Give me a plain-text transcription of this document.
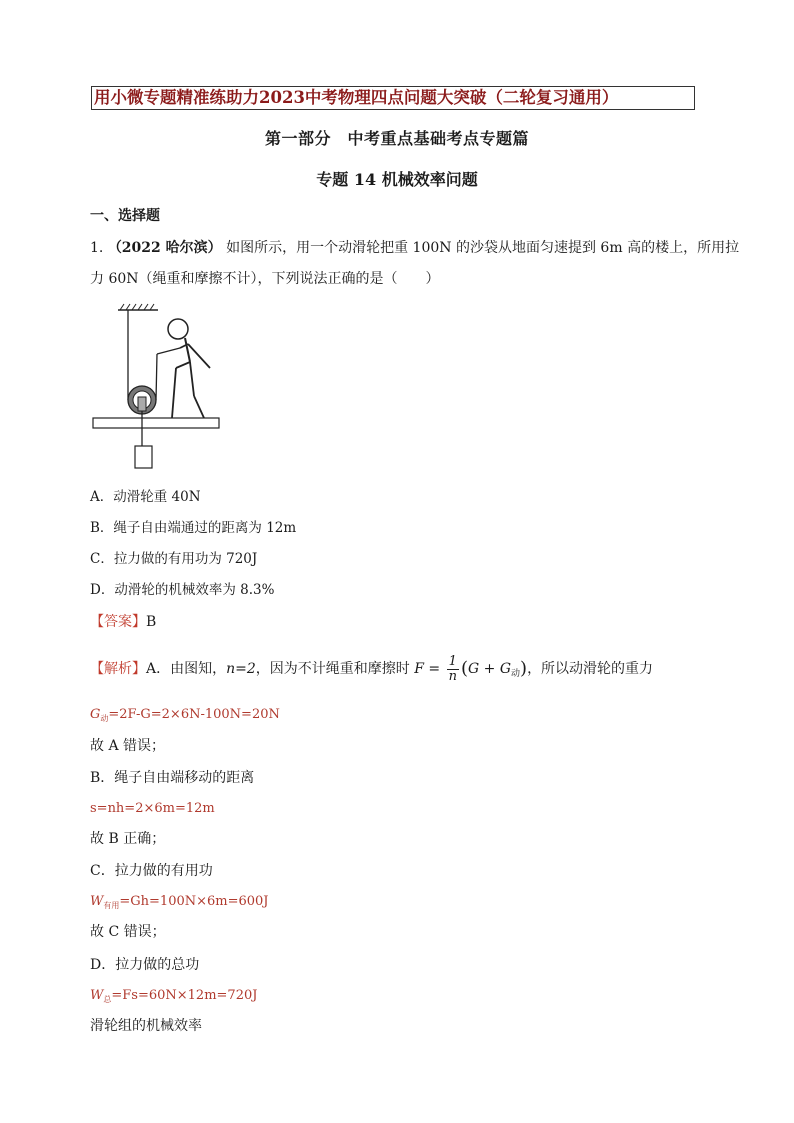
用小微专题精准练助力2023中考物理四点问题大突破（二轮复习通用）
第一部分　中考重点基础考点专题篇
专题 14 机械效率问题
一、选择题
1. （2022 哈尔滨） 如图所示，用一个动滑轮把重 100N 的沙袋从地面匀速提到 6m 高的楼上，所用拉
力 60N（绳重和摩擦不计），下列说法正确的是（　　）
A．动滑轮重 40N
B．绳子自由端通过的距离为 12m
C．拉力做的有用功为 720J
D．动滑轮的机械效率为 8.3%
【答案】B
【解析】A．由图知，n=2，因为不计绳重和摩擦时 $F = \frac{1}{n} (G + G_动)$，所以动滑轮的重力
$G_动=2F-G=2\times 6N-100N=20N$
故 A 错误；
B．绳子自由端移动的距离
s=nh=2×6m=12m
故 B 正确；
C．拉力做的有用功
$W_{有用}=Gh=100N\times 6m=600J$
故 C 错误；
D．拉力做的总功
$W_总=Fs=60N\times 12m=720J$
滑轮组的机械效率
